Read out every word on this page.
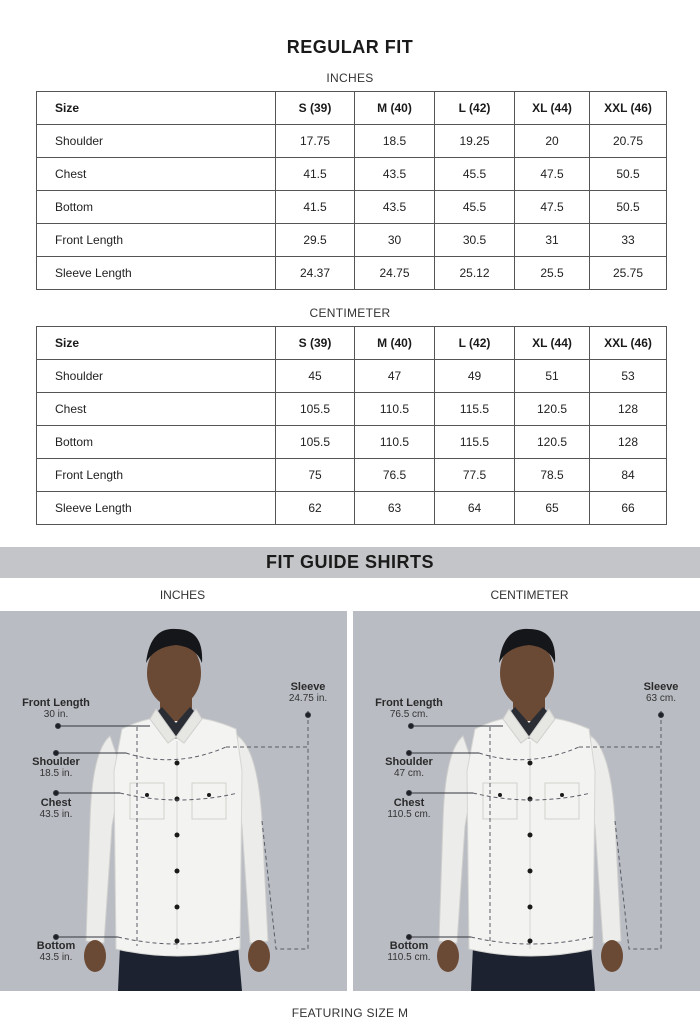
REGULAR FIT
INCHES
Size	S (39)	M (40)	L (42)	XL (44)	XXL (46)
Shoulder	17.75	18.5	19.25	20	20.75
Chest	41.5	43.5	45.5	47.5	50.5
Bottom	41.5	43.5	45.5	47.5	50.5
Front Length	29.5	30	30.5	31	33
Sleeve Length	24.37	24.75	25.12	25.5	25.75
CENTIMETER
Size	S (39)	M (40)	L (42)	XL (44)	XXL (46)
Shoulder	45	47	49	51	53
Chest	105.5	110.5	115.5	120.5	128
Bottom	105.5	110.5	115.5	120.5	128
Front Length	75	76.5	77.5	78.5	84
Sleeve Length	62	63	64	65	66
FIT GUIDE SHIRTS
INCHES	CENTIMETER
Front Length
30 in.
Shoulder
18.5 in.
Chest
43.5 in.
Bottom
43.5 in.
Sleeve
24.75 in.	Front Length
76.5 cm.
Shoulder
47 cm.
Chest
110.5 cm.
Bottom
110.5 cm.
Sleeve
63 cm.
FEATURING SIZE M
